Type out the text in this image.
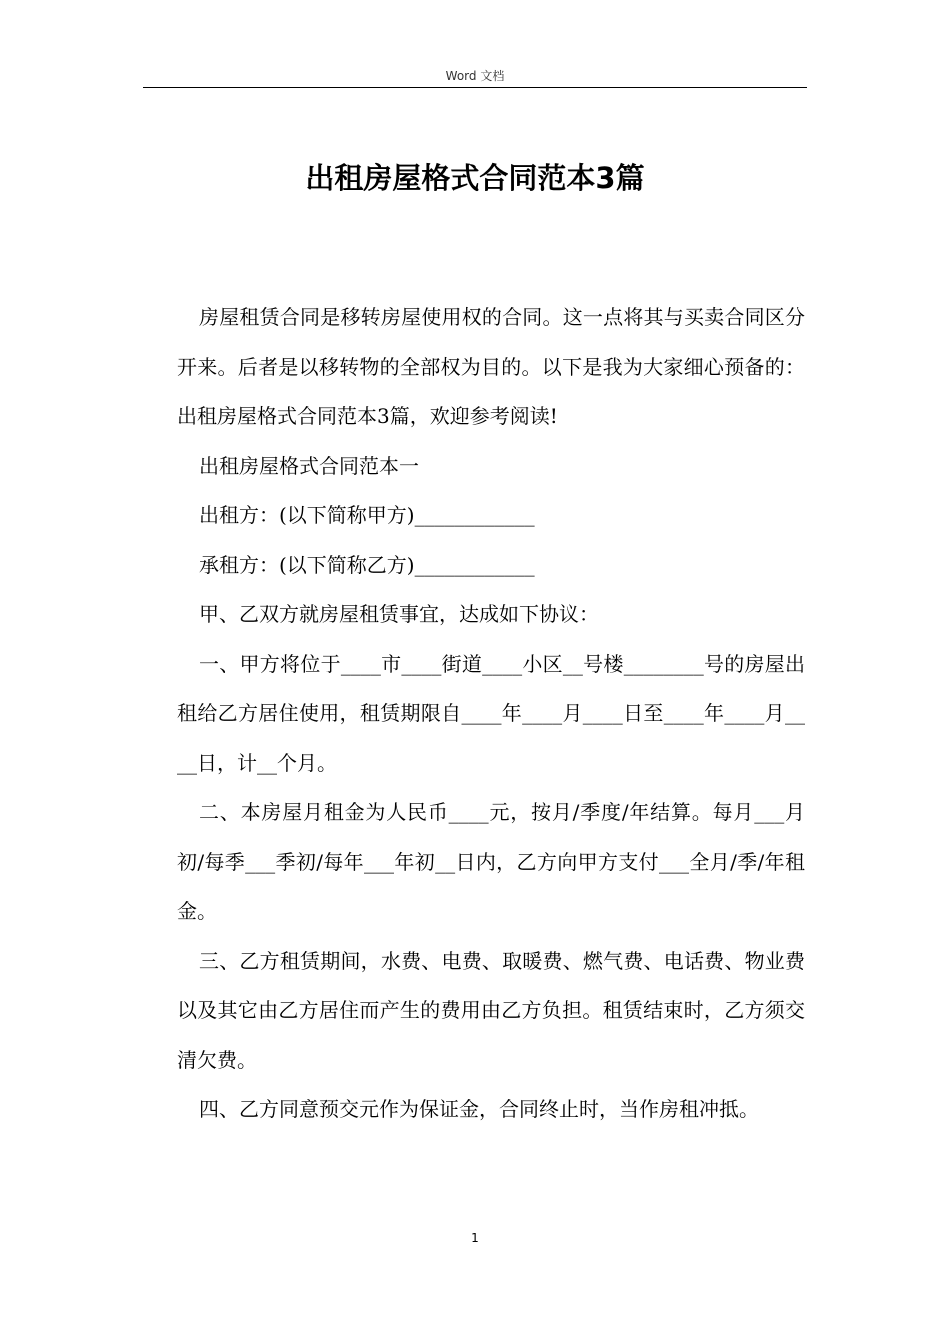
Word 文档
出租房屋格式合同范本3篇

房屋租赁合同是移转房屋使用权的合同。这一点将其与买卖合同区分开来。后者是以移转物的全部权为目的。以下是我为大家细心预备的：出租房屋格式合同范本3篇，欢迎参考阅读!

出租房屋格式合同范本一

出租方：(以下简称甲方)____________

承租方：(以下简称乙方)____________

甲、乙双方就房屋租赁事宜，达成如下协议：

一、甲方将位于____市____街道____小区__号楼________号的房屋出租给乙方居住使用，租赁期限自____年____月____日至____年____月____日，计__个月。

二、本房屋月租金为人民币____元，按月/季度/年结算。每月___月初/每季___季初/每年___年初__日内，乙方向甲方支付___全月/季/年租金。

三、乙方租赁期间，水费、电费、取暖费、燃气费、电话费、物业费以及其它由乙方居住而产生的费用由乙方负担。租赁结束时，乙方须交清欠费。

四、乙方同意预交元作为保证金，合同终止时，当作房租冲抵。

1
